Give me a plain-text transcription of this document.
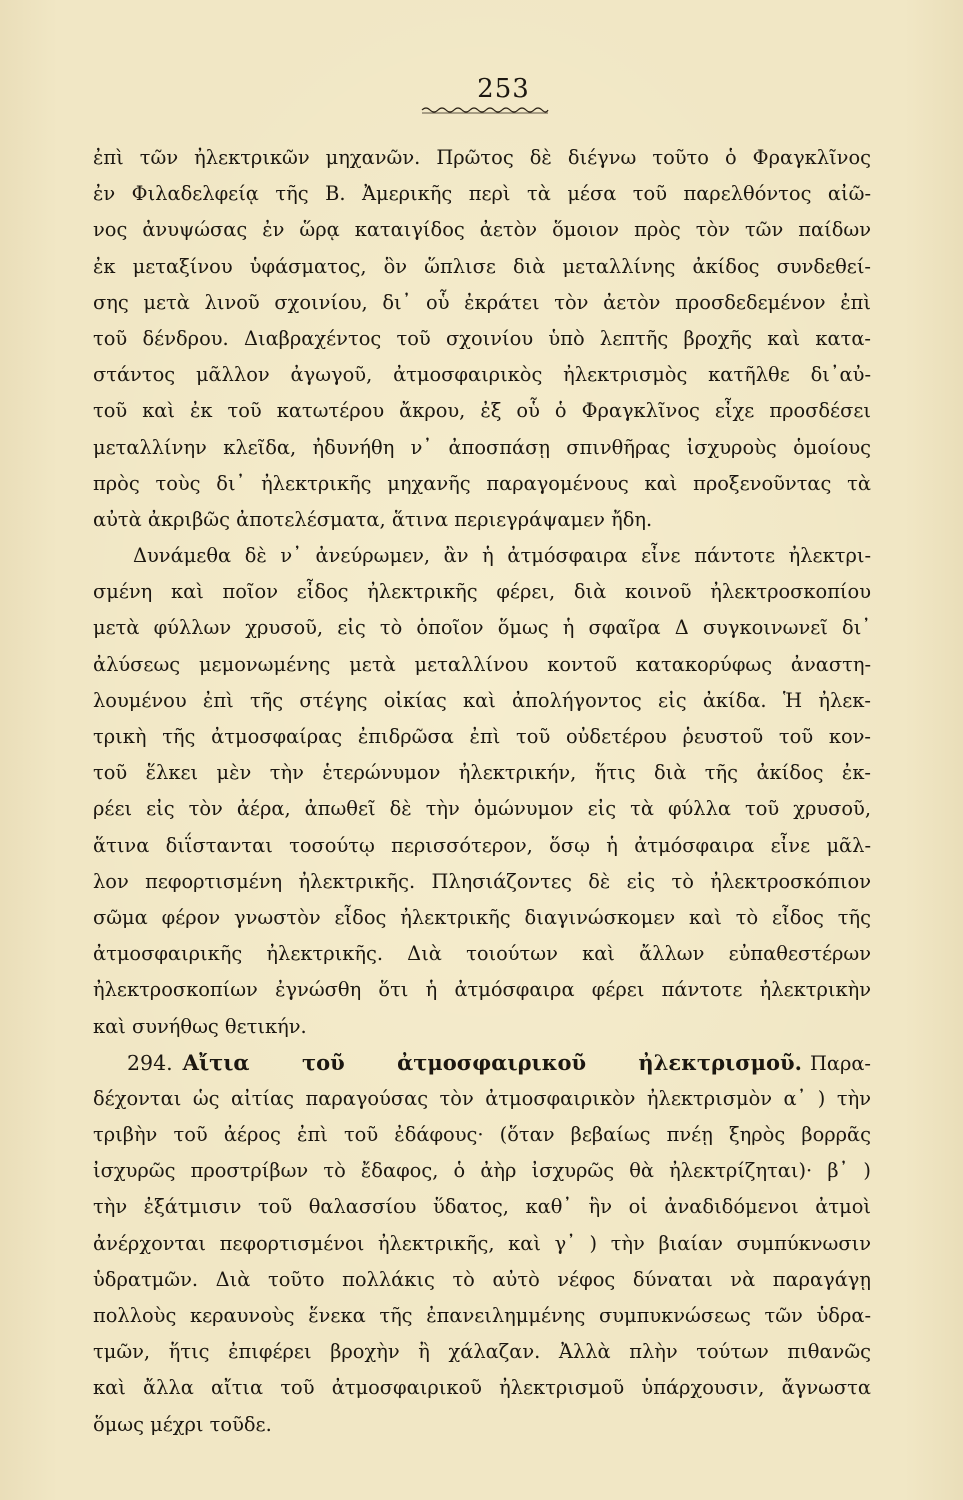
253
ἐπὶ τῶν ἠλεκτρικῶν μηχανῶν. Πρῶτος δὲ διέγνω τοῦτο ὁ Φραγκλῖνος
ἐν Φιλαδελφείᾳ τῆς Β. Ἀμερικῆς περὶ τὰ μέσα τοῦ παρελθόντος αἰῶ-
νος ἀνυψώσας ἐν ὥρᾳ καταιγίδος ἀετὸν ὅμοιον πρὸς τὸν τῶν παίδων
ἐκ μεταξίνου ὑφάσματος, ὃν ὥπλισε διὰ μεταλλίνης ἀκίδος συνδεθεί-
σης μετὰ λινοῦ σχοινίου, δι᾽ οὗ ἐκράτει τὸν ἀετὸν προσδεδεμένον ἐπὶ
τοῦ δένδρου. Διαβραχέντος τοῦ σχοινίου ὑπὸ λεπτῆς βροχῆς καὶ κατα-
στάντος μᾶλλον ἀγωγοῦ, ἀτμοσφαιρικὸς ἠλεκτρισμὸς κατῆλθε δι᾽αὐ-
τοῦ καὶ ἐκ τοῦ κατωτέρου ἄκρου, ἐξ οὗ ὁ Φραγκλῖνος εἶχε προσδέσει
μεταλλίνην κλεῖδα, ἠδυνήθη ν᾽ ἀποσπάσῃ σπινθῆρας ἰσχυροὺς ὁμοίους
πρὸς τοὺς δι᾽ ἠλεκτρικῆς μηχανῆς παραγομένους καὶ προξενοῦντας τὰ
αὐτὰ ἀκριβῶς ἀποτελέσματα, ἅτινα περιεγράψαμεν ἤδη.
Δυνάμεθα δὲ ν᾽ ἀνεύρωμεν, ἂν ἡ ἀτμόσφαιρα εἶνε πάντοτε ἠλεκτρι-
σμένη καὶ ποῖον εἶδος ἠλεκτρικῆς φέρει, διὰ κοινοῦ ἠλεκτροσκοπίου
μετὰ φύλλων χρυσοῦ, εἰς τὸ ὁποῖον ὅμως ἡ σφαῖρα Δ συγκοινωνεῖ δι᾽
ἀλύσεως μεμονωμένης μετὰ μεταλλίνου κοντοῦ κατακορύφως ἀναστη-
λουμένου ἐπὶ τῆς στέγης οἰκίας καὶ ἀπολήγοντος εἰς ἀκίδα. Ἡ ἠλεκ-
τρικὴ τῆς ἀτμοσφαίρας ἐπιδρῶσα ἐπὶ τοῦ οὐδετέρου ῥευστοῦ τοῦ κον-
τοῦ ἕλκει μὲν τὴν ἑτερώνυμον ἠλεκτρικήν, ἥτις διὰ τῆς ἀκίδος ἐκ-
ρέει εἰς τὸν ἀέρα, ἀπωθεῖ δὲ τὴν ὁμώνυμον εἰς τὰ φύλλα τοῦ χρυσοῦ,
ἅτινα διΐστανται τοσούτῳ περισσότερον, ὅσῳ ἡ ἀτμόσφαιρα εἶνε μᾶλ-
λον πεφορτισμένη ἠλεκτρικῆς. Πλησιάζοντες δὲ εἰς τὸ ἠλεκτροσκόπιον
σῶμα φέρον γνωστὸν εἶδος ἠλεκτρικῆς διαγινώσκομεν καὶ τὸ εἶδος τῆς
ἀτμοσφαιρικῆς ἠλεκτρικῆς. Διὰ τοιούτων καὶ ἄλλων εὐπαθεστέρων
ἠλεκτροσκοπίων ἐγνώσθη ὅτι ἡ ἀτμόσφαιρα φέρει πάντοτε ἠλεκτρικὴν
καὶ συνήθως θετικήν.
294. Αἴτια τοῦ ἀτμοσφαιρικοῦ ἠλεκτρισμοῦ. Παρα-
δέχονται ὡς αἰτίας παραγούσας τὸν ἀτμοσφαιρικὸν ἠλεκτρισμὸν α᾽ ) τὴν
τριβὴν τοῦ ἀέρος ἐπὶ τοῦ ἐδάφους· (ὅταν βεβαίως πνέῃ ξηρὸς βορρᾶς
ἰσχυρῶς προστρίβων τὸ ἔδαφος, ὁ ἀὴρ ἰσχυρῶς θὰ ἠλεκτρίζηται)· β᾽ )
τὴν ἐξάτμισιν τοῦ θαλασσίου ὕδατος, καθ᾽ ἣν οἱ ἀναδιδόμενοι ἀτμοὶ
ἀνέρχονται πεφορτισμένοι ἠλεκτρικῆς, καὶ γ᾽ ) τὴν βιαίαν συμπύκνωσιν
ὑδρατμῶν. Διὰ τοῦτο πολλάκις τὸ αὐτὸ νέφος δύναται νὰ παραγάγῃ
πολλοὺς κεραυνοὺς ἕνεκα τῆς ἐπανειλημμένης συμπυκνώσεως τῶν ὑδρα-
τμῶν, ἥτις ἐπιφέρει βροχὴν ἢ χάλαζαν. Ἀλλὰ πλὴν τούτων πιθανῶς
καὶ ἄλλα αἴτια τοῦ ἀτμοσφαιρικοῦ ἠλεκτρισμοῦ ὑπάρχουσιν, ἄγνωστα
ὅμως μέχρι τοῦδε.
